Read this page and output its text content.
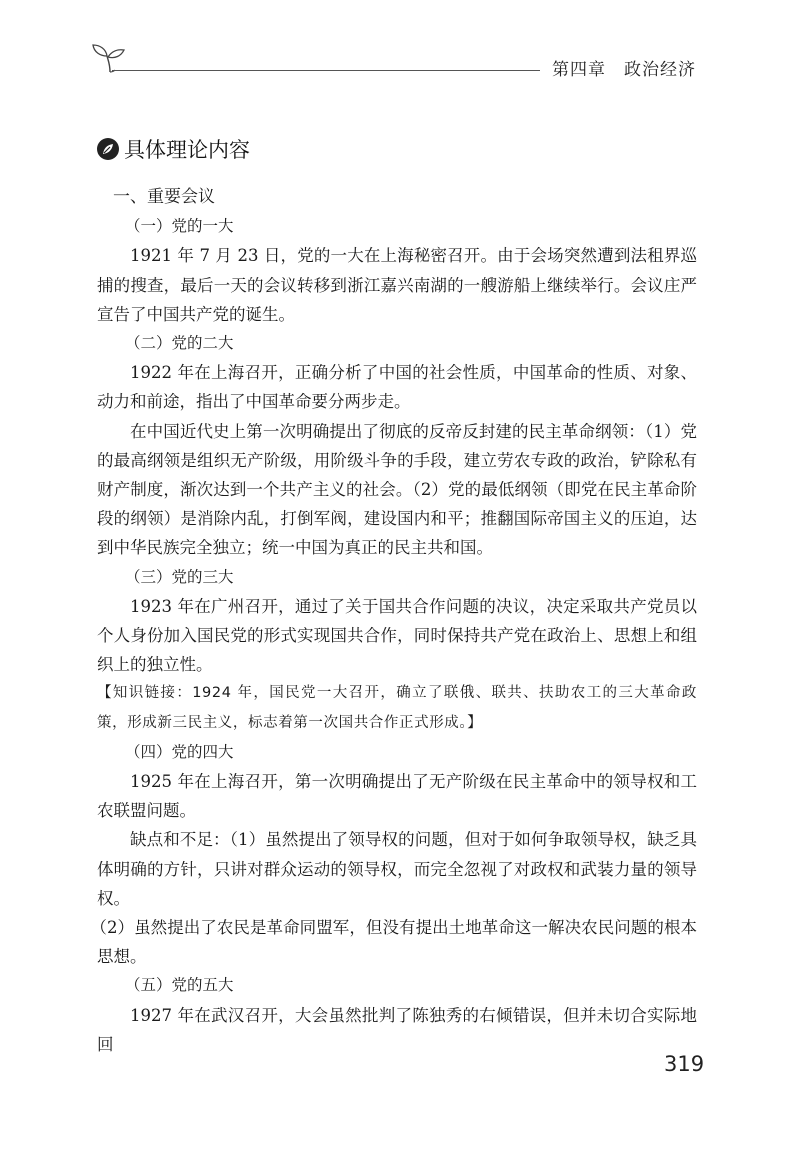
第四章　政治经济
具体理论内容

一、重要会议

（一）党的一大

1921 年 7 月 23 日，党的一大在上海秘密召开。由于会场突然遭到法租界巡捕的搜查，最后一天的会议转移到浙江嘉兴南湖的一艘游船上继续举行。会议庄严宣告了中国共产党的诞生。

（二）党的二大

1922 年在上海召开，正确分析了中国的社会性质，中国革命的性质、对象、动力和前途，指出了中国革命要分两步走。

在中国近代史上第一次明确提出了彻底的反帝反封建的民主革命纲领：（1）党的最高纲领是组织无产阶级，用阶级斗争的手段，建立劳农专政的政治，铲除私有财产制度，渐次达到一个共产主义的社会。（2）党的最低纲领（即党在民主革命阶段的纲领）是消除内乱，打倒军阀，建设国内和平；推翻国际帝国主义的压迫，达到中华民族完全独立；统一中国为真正的民主共和国。

（三）党的三大

1923 年在广州召开，通过了关于国共合作问题的决议，决定采取共产党员以个人身份加入国民党的形式实现国共合作，同时保持共产党在政治上、思想上和组织上的独立性。

【知识链接：1924 年，国民党一大召开，确立了联俄、联共、扶助农工的三大革命政策，形成新三民主义，标志着第一次国共合作正式形成。】

（四）党的四大

1925 年在上海召开，第一次明确提出了无产阶级在民主革命中的领导权和工农联盟问题。

缺点和不足：（1）虽然提出了领导权的问题，但对于如何争取领导权，缺乏具体明确的方针，只讲对群众运动的领导权，而完全忽视了对政权和武装力量的领导权。

（2）虽然提出了农民是革命同盟军，但没有提出土地革命这一解决农民问题的根本思想。

（五）党的五大

1927 年在武汉召开，大会虽然批判了陈独秀的右倾错误，但并未切合实际地回

319
